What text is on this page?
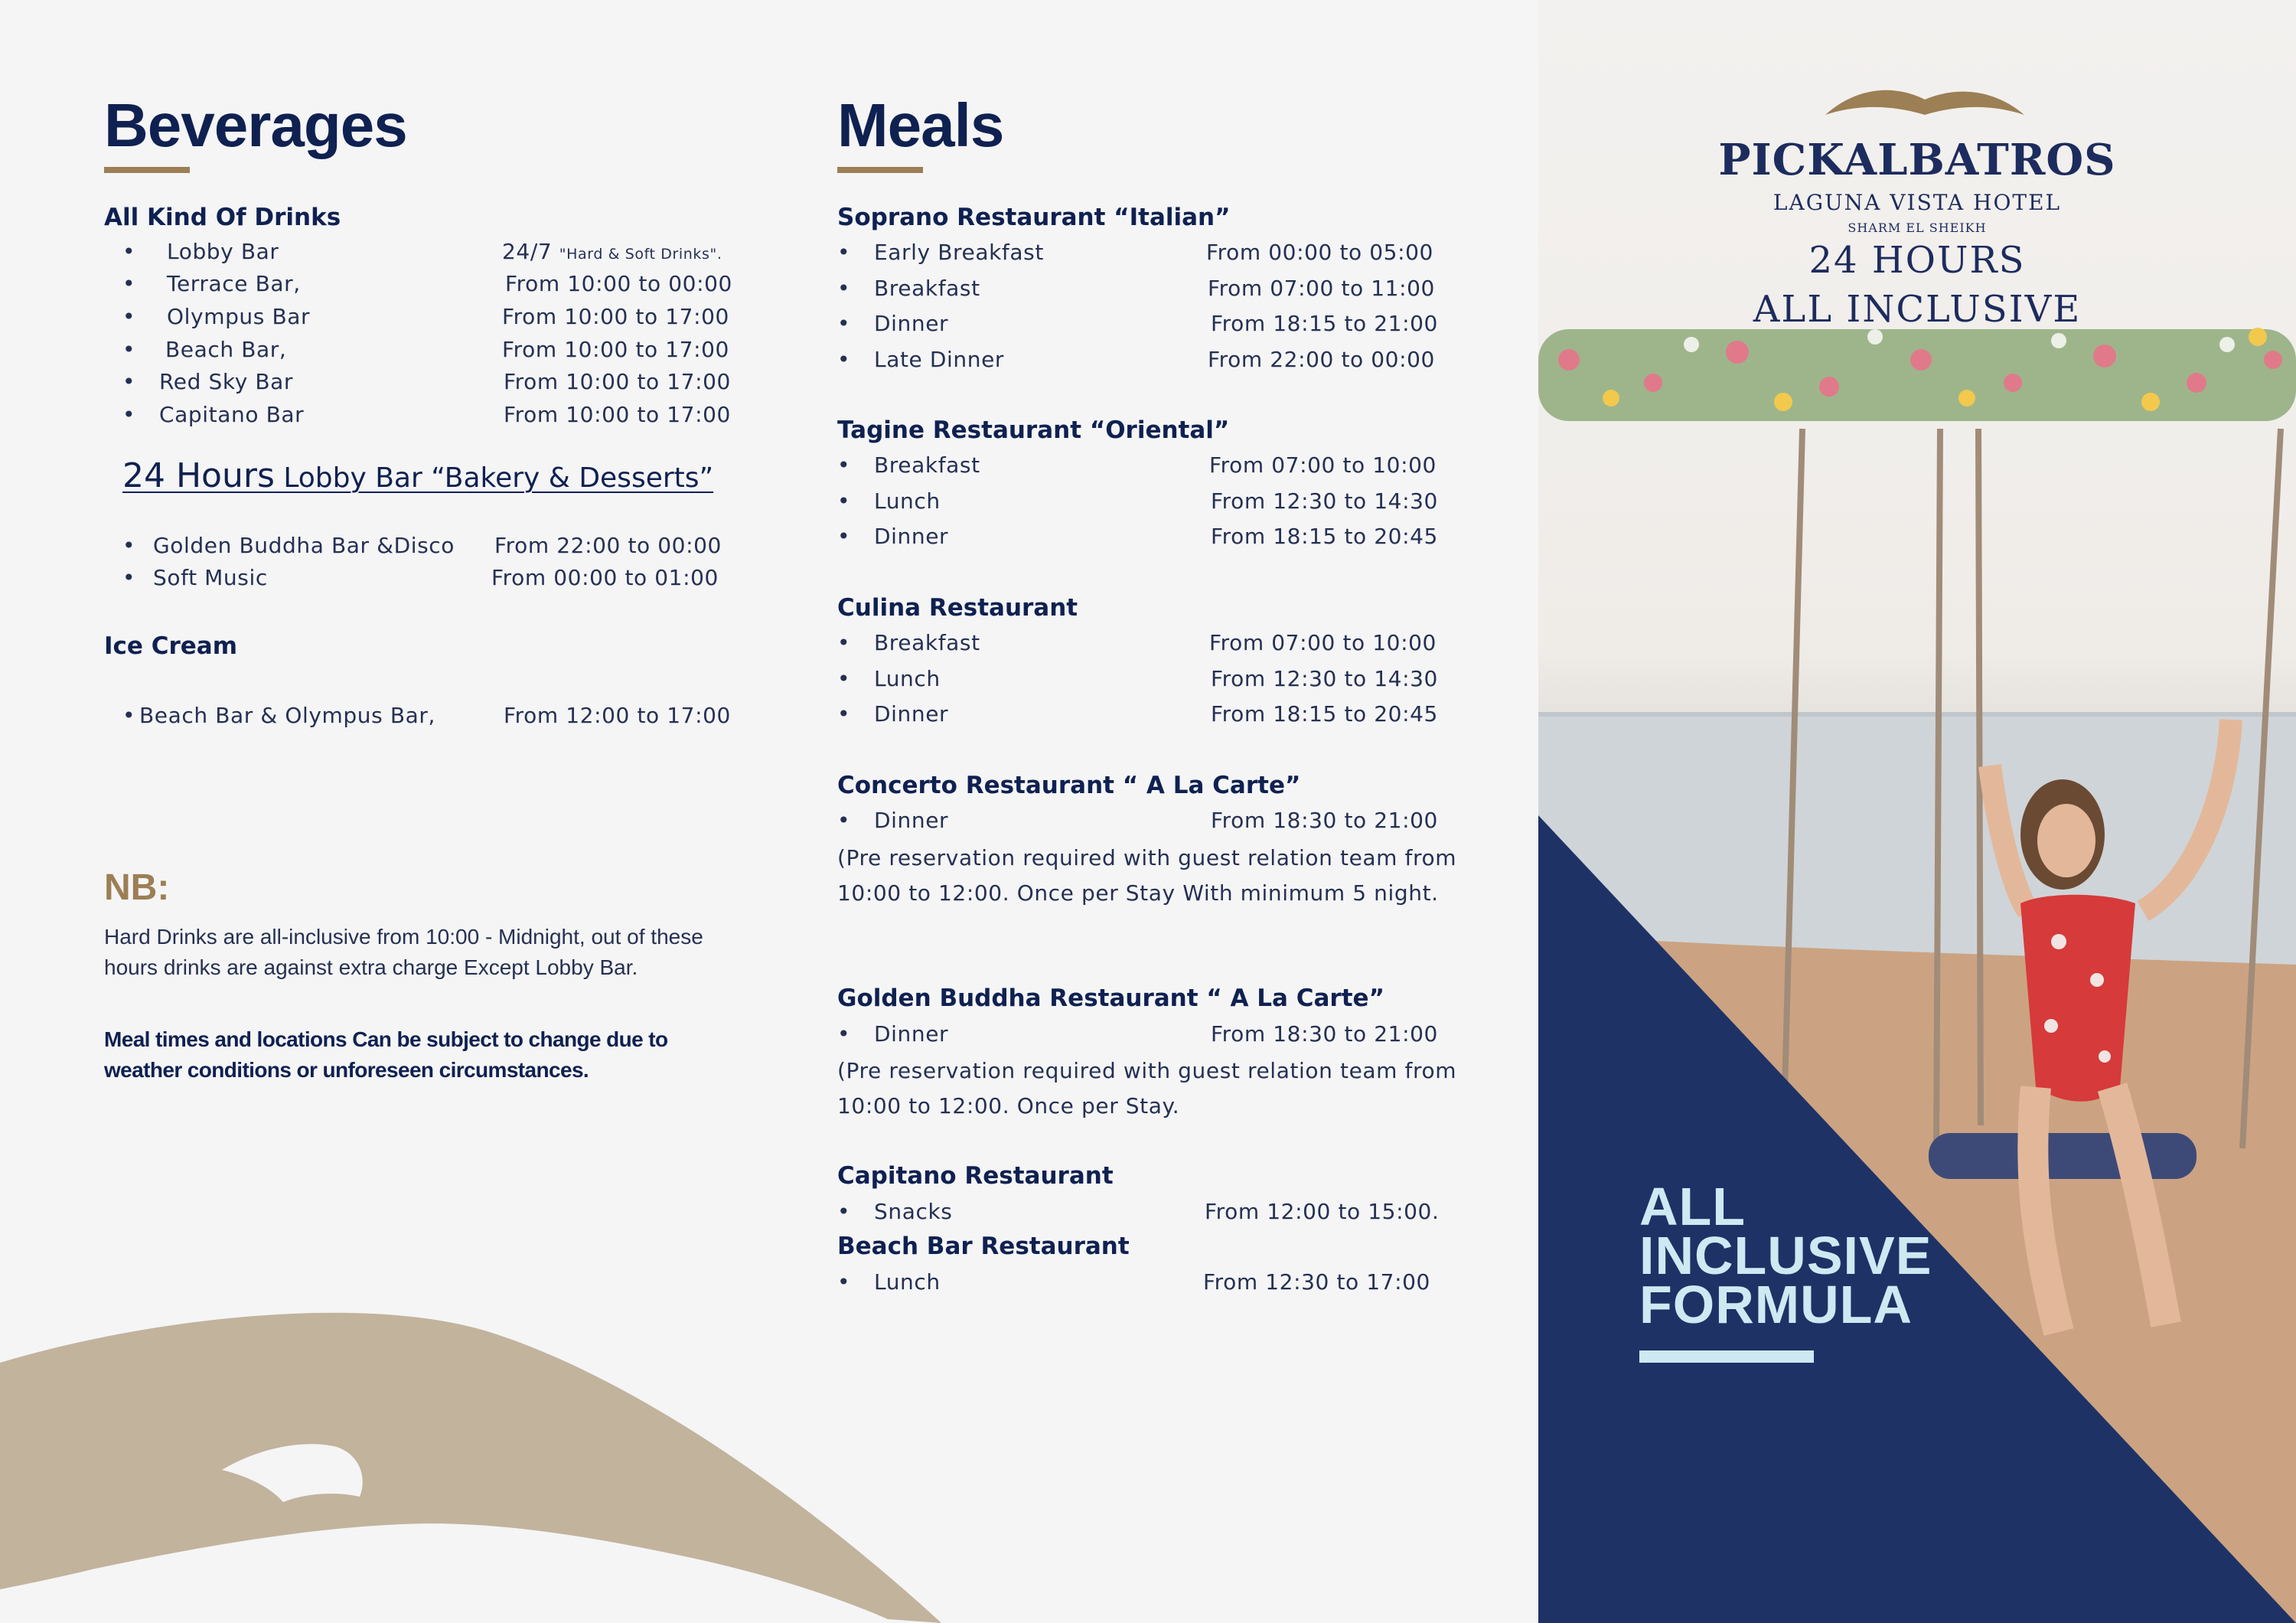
Beverages
All Kind Of Drinks
• Lobby Bar	24/7 "Hard & Soft Drinks".
• Terrace Bar,	From 10:00 to 00:00
• Olympus Bar	From 10:00 to 17:00
• Beach Bar,	From 10:00 to 17:00
• Red Sky Bar	From 10:00 to 17:00
• Capitano Bar	From 10:00 to 17:00
24 Hours Lobby Bar “Bakery & Desserts”
• Golden Buddha Bar &Disco From 22:00 to 00:00
• Soft Music	From 00:00 to 01:00
Ice Cream
• Beach Bar & Olympus Bar,	From 12:00 to 17:00
NB:
Hard Drinks are all-inclusive from 10:00 - Midnight, out of these hours drinks are against extra charge Except Lobby Bar.
Meal times and locations Can be subject to change due to weather conditions or unforeseen circumstances.
Meals
Soprano Restaurant “Italian”
• Early Breakfast	From 00:00 to 05:00
• Breakfast	From 07:00 to 11:00
• Dinner	From 18:15 to 21:00
• Late Dinner	From 22:00 to 00:00
Tagine Restaurant “Oriental”
• Breakfast	From 07:00 to 10:00
• Lunch	From 12:30 to 14:30
• Dinner	From 18:15 to 20:45
Culina Restaurant
• Breakfast	From 07:00 to 10:00
• Lunch	From 12:30 to 14:30
• Dinner	From 18:15 to 20:45
Concerto Restaurant “ A La Carte”
• Dinner	From 18:30 to 21:00
(Pre reservation required with guest relation team from 10:00 to 12:00. Once per Stay With minimum 5 night.
Golden Buddha Restaurant “ A La Carte”
• Dinner	From 18:30 to 21:00
(Pre reservation required with guest relation team from 10:00 to 12:00. Once per Stay.
Capitano Restaurant
• Snacks	From 12:00 to 15:00.
Beach Bar Restaurant
• Lunch	From 12:30 to 17:00
PICKALBATROS
LAGUNA VISTA HOTEL
SHARM EL SHEIKH
24 HOURS
ALL INCLUSIVE
ALL
INCLUSIVE
FORMULA
